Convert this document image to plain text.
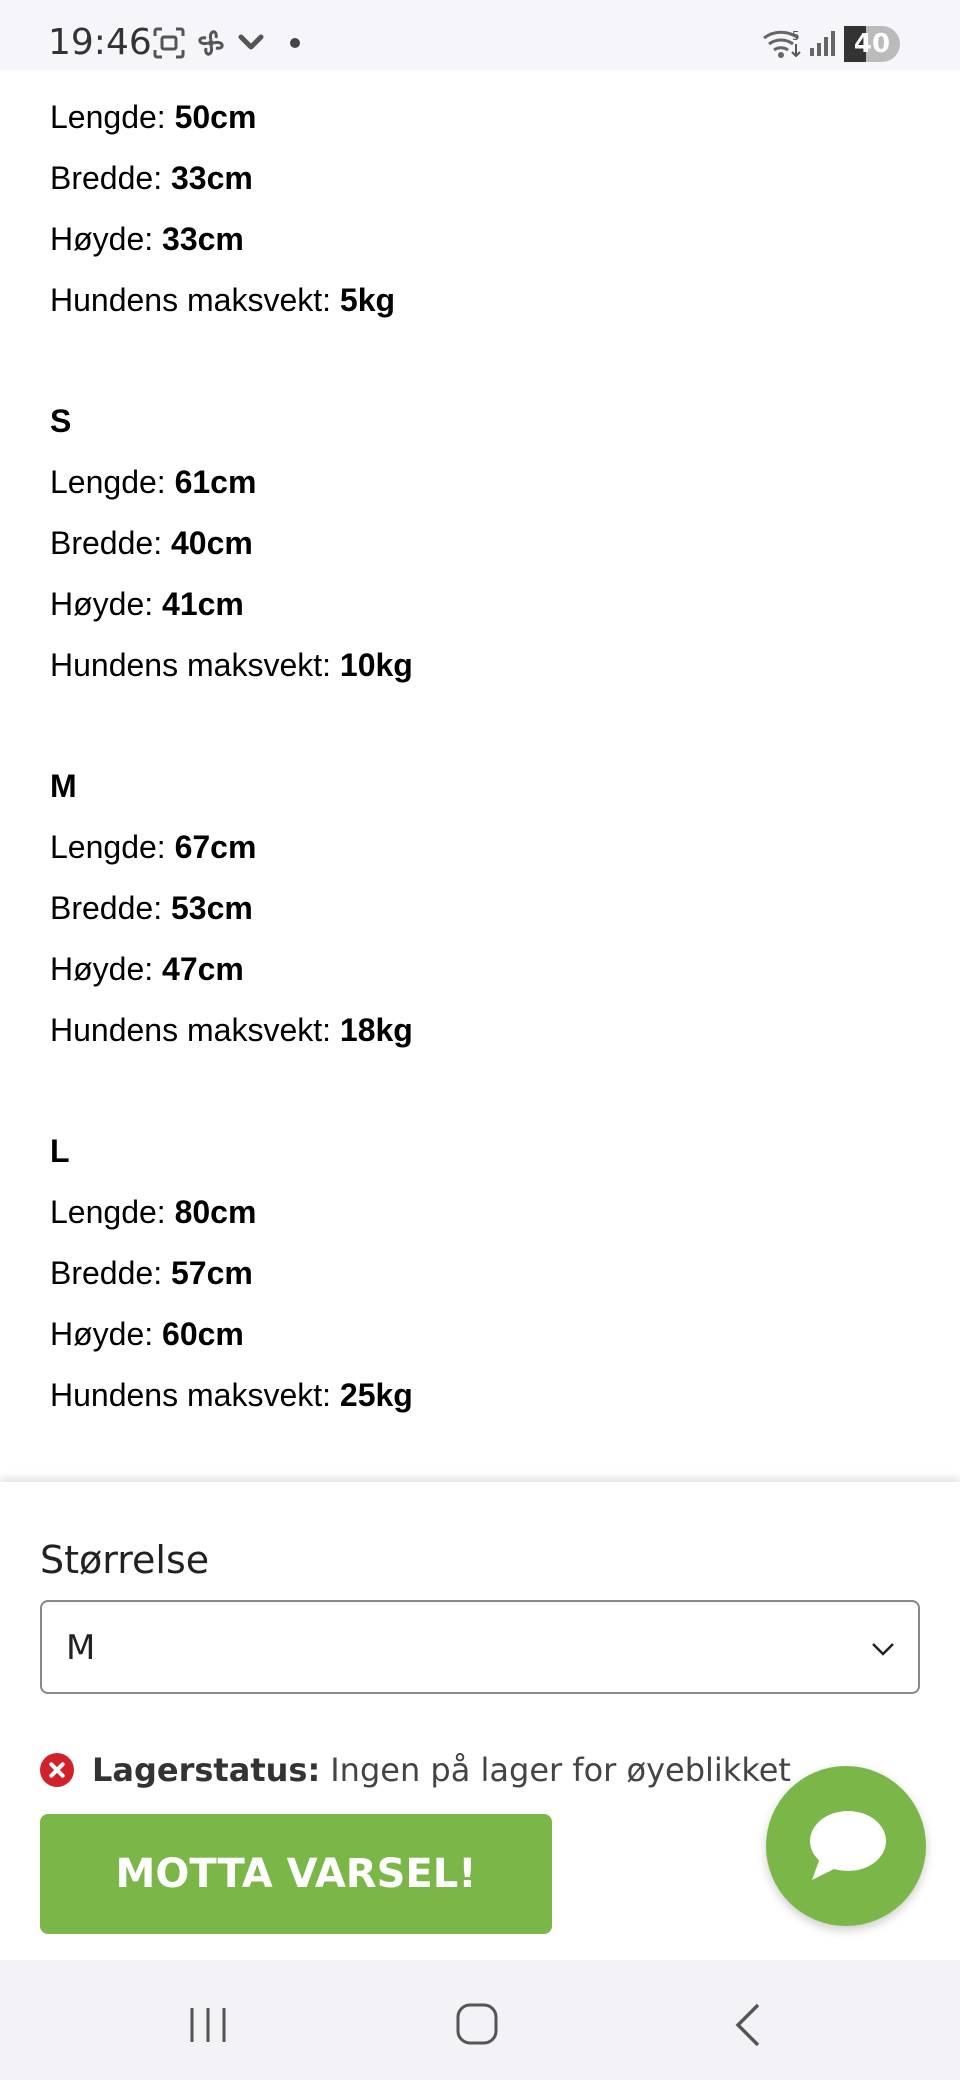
19:46	5	40
Lengde: 50cm
Bredde: 33cm
Høyde: 33cm
Hundens maksvekt: 5kg
S
Lengde: 61cm
Bredde: 40cm
Høyde: 41cm
Hundens maksvekt: 10kg
M
Lengde: 67cm
Bredde: 53cm
Høyde: 47cm
Hundens maksvekt: 18kg
L
Lengde: 80cm
Bredde: 57cm
Høyde: 60cm
Hundens maksvekt: 25kg
Størrelse
M
Lagerstatus: Ingen på lager for øyeblikket
MOTTA VARSEL!
